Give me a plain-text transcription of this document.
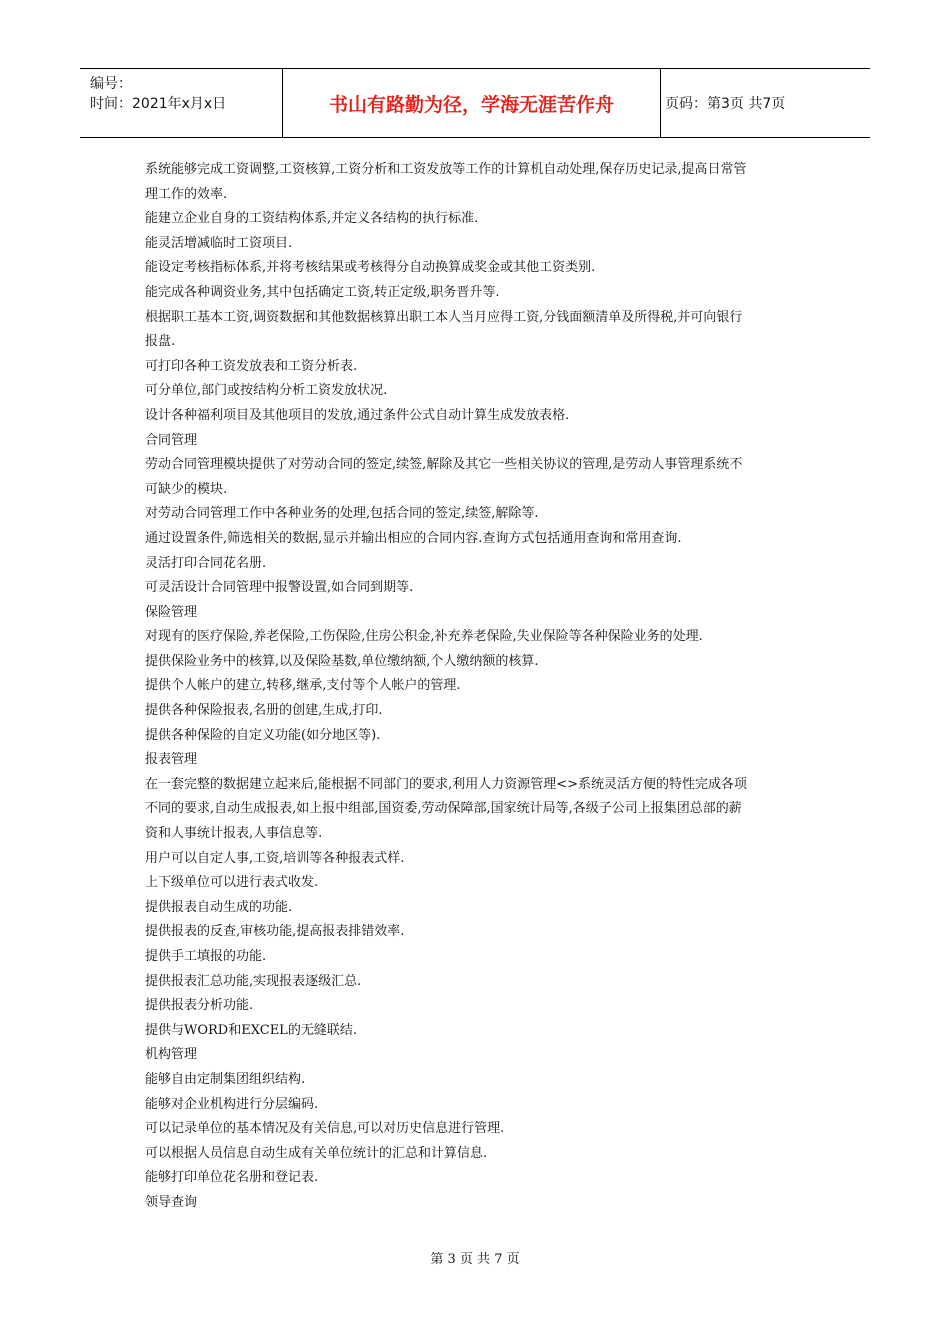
编号：
时间：2021年x月x日	书山有路勤为径，学海无涯苦作舟	页码：第3页 共7页
系统能够完成工资调整,工资核算,工资分析和工资发放等工作的计算机自动处理,保存历史记录,提高日常管
理工作的效率.
能建立企业自身的工资结构体系,并定义各结构的执行标准.
能灵活增减临时工资项目.
能设定考核指标体系,并将考核结果或考核得分自动换算成奖金或其他工资类别.
能完成各种调资业务,其中包括确定工资,转正定级,职务晋升等.
根据职工基本工资,调资数据和其他数据核算出职工本人当月应得工资,分钱面额清单及所得税,并可向银行
报盘.
可打印各种工资发放表和工资分析表.
可分单位,部门或按结构分析工资发放状况.
设计各种福利项目及其他项目的发放,通过条件公式自动计算生成发放表格.
合同管理
劳动合同管理模块提供了对劳动合同的签定,续签,解除及其它一些相关协议的管理,是劳动人事管理系统不
可缺少的模块.
对劳动合同管理工作中各种业务的处理,包括合同的签定,续签,解除等.
通过设置条件,筛选相关的数据,显示并输出相应的合同内容.查询方式包括通用查询和常用查询.
灵活打印合同花名册.
可灵活设计合同管理中报警设置,如合同到期等.
保险管理
对现有的医疗保险,养老保险,工伤保险,住房公积金,补充养老保险,失业保险等各种保险业务的处理.
提供保险业务中的核算,以及保险基数,单位缴纳额,个人缴纳额的核算.
提供个人帐户的建立,转移,继承,支付等个人帐户的管理.
提供各种保险报表,名册的创建,生成,打印.
提供各种保险的自定义功能(如分地区等).
报表管理
在一套完整的数据建立起来后,能根据不同部门的要求,利用人力资源管理<>系统灵活方便的特性完成各项
不同的要求,自动生成报表,如上报中组部,国资委,劳动保障部,国家统计局等,各级子公司上报集团总部的薪
资和人事统计报表,人事信息等.
用户可以自定人事,工资,培训等各种报表式样.
上下级单位可以进行表式收发.
提供报表自动生成的功能.
提供报表的反查,审核功能,提高报表排错效率.
提供手工填报的功能.
提供报表汇总功能,实现报表逐级汇总.
提供报表分析功能.
提供与WORD和EXCEL的无缝联结.
机构管理
能够自由定制集团组织结构.
能够对企业机构进行分层编码.
可以记录单位的基本情况及有关信息,可以对历史信息进行管理.
可以根据人员信息自动生成有关单位统计的汇总和计算信息.
能够打印单位花名册和登记表.
领导查询
第 3 页 共 7 页
